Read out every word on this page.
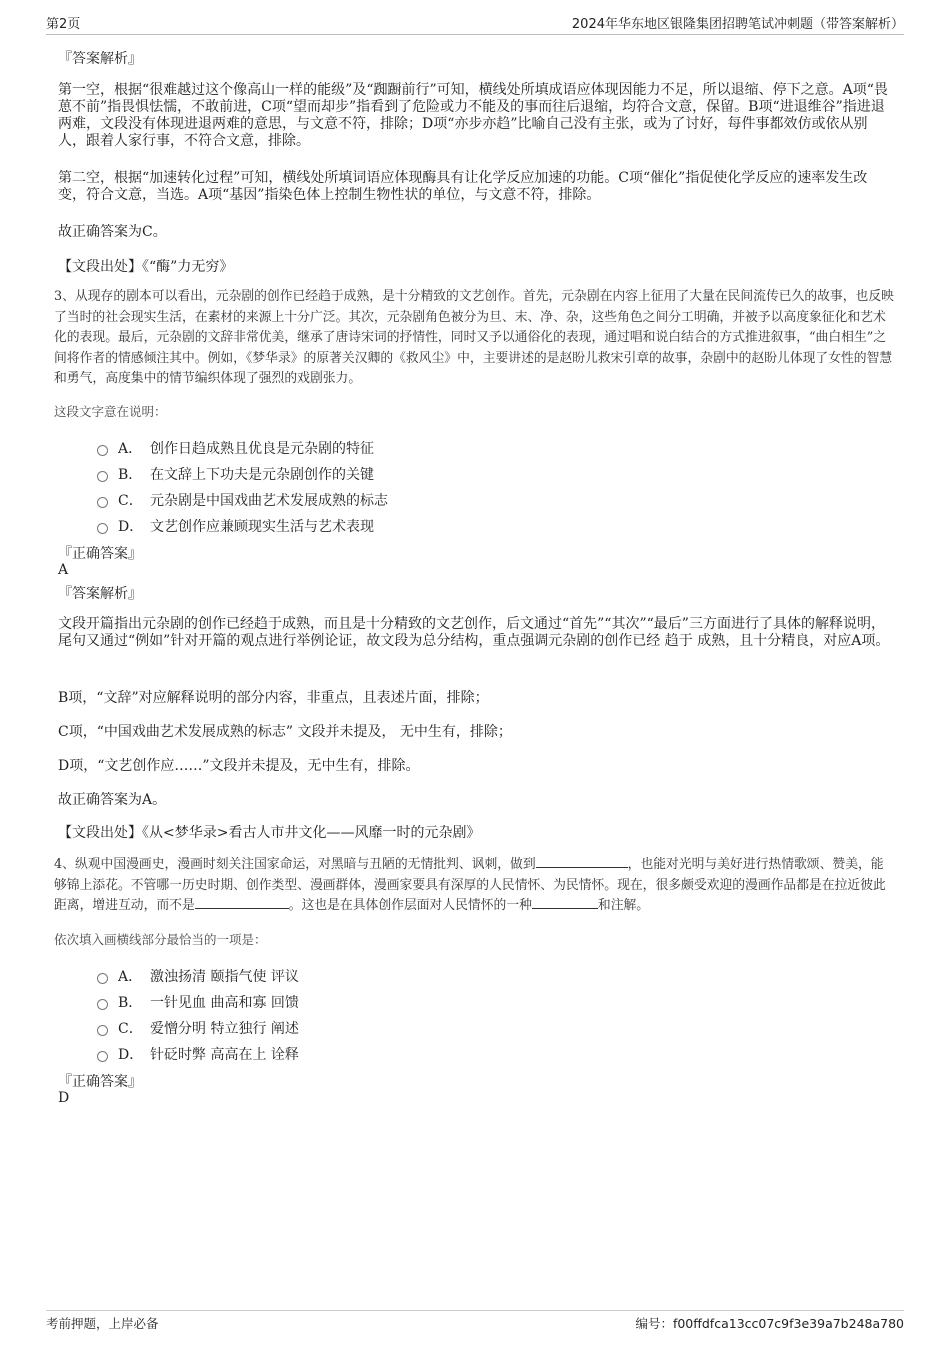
第2页	2024年华东地区银隆集团招聘笔试冲刺题（带答案解析）

『答案解析』

第一空，根据“很难越过这个像高山一样的能级”及“踟蹰前行”可知，横线处所填成语应体现因能力不足，所以退缩、停下之意。A项“畏葸不前”指畏惧怯懦，不敢前进，C项“望而却步”指看到了危险或力不能及的事而往后退缩，均符合文意，保留。B项“进退维谷”指进退两难，文段没有体现进退两难的意思，与文意不符，排除；D项“亦步亦趋”比喻自己没有主张，或为了讨好，每件事都效仿或依从别人，跟着人家行事，不符合文意，排除。

第二空，根据“加速转化过程”可知，横线处所填词语应体现酶具有让化学反应加速的功能。C项“催化”指促使化学反应的速率发生改变，符合文意，当选。A项“基因”指染色体上控制生物性状的单位，与文意不符，排除。

故正确答案为C。

【文段出处】《“酶”力无穷》

3、从现存的剧本可以看出，元杂剧的创作已经趋于成熟，是十分精致的文艺创作。首先，元杂剧在内容上征用了大量在民间流传已久的故事，也反映了当时的社会现实生活，在素材的来源上十分广泛。其次，元杂剧角色被分为旦、末、净、杂，这些角色之间分工明确，并被予以高度象征化和艺术化的表现。最后，元杂剧的文辞非常优美，继承了唐诗宋词的抒情性，同时又予以通俗化的表现，通过唱和说白结合的方式推进叙事，“曲白相生”之间将作者的情感倾注其中。例如，《梦华录》的原著关汉卿的《救风尘》中，主要讲述的是赵盼儿救宋引章的故事，杂剧中的赵盼儿体现了女性的智慧和勇气，高度集中的情节编织体现了强烈的戏剧张力。

这段文字意在说明：

A． 创作日趋成熟且优良是元杂剧的特征
B． 在文辞上下功夫是元杂剧创作的关键
C． 元杂剧是中国戏曲艺术发展成熟的标志
D． 文艺创作应兼顾现实生活与艺术表现

『正确答案』

A

『答案解析』

文段开篇指出元杂剧的创作已经趋于成熟，而且是十分精致的文艺创作，后文通过“首先”“其次”“最后”三方面进行了具体的解释说明，尾句又通过“例如”针对开篇的观点进行举例论证，故文段为总分结构，重点强调元杂剧的创作已经 趋于 成熟，且十分精良，对应A项。

B项，“文辞”对应解释说明的部分内容，非重点，且表述片面，排除；

C项，“中国戏曲艺术发展成熟的标志” 文段并未提及， 无中生有，排除；

D项，“文艺创作应……”文段并未提及，无中生有，排除。

故正确答案为A。

【文段出处】《从<梦华录>看古人市井文化——风靡一时的元杂剧》

4、纵观中国漫画史，漫画时刻关注国家命运，对黑暗与丑陋的无情批判、讽刺，做到	，也能对光明与美好进行热情歌颂、赞美，能够锦上添花。不管哪一历史时期、创作类型、漫画群体，漫画家要具有深厚的人民情怀、为民情怀。现在，很多颇受欢迎的漫画作品都是在拉近彼此距离，增进互动，而不是	。这也是在具体创作层面对人民情怀的一种	和注解。

依次填入画横线部分最恰当的一项是：

A． 激浊扬清 颐指气使 评议
B． 一针见血 曲高和寡 回馈
C． 爱憎分明 特立独行 阐述
D． 针砭时弊 高高在上 诠释

『正确答案』

D

考前押题，上岸必备	编号：f00ffdfca13cc07c9f3e39a7b248a780
